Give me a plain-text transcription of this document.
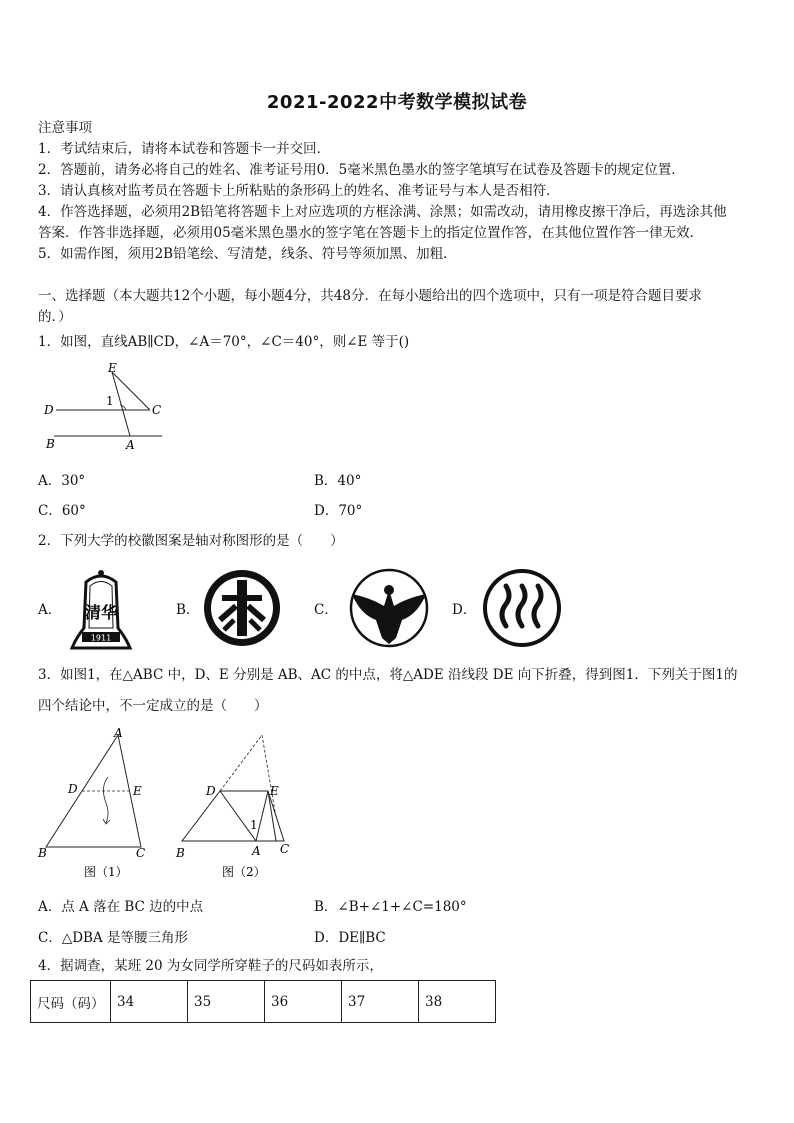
2021-2022中考数学模拟试卷
注意事项
1．考试结束后，请将本试卷和答题卡一并交回．
2．答题前，请务必将自己的姓名、准考证号用0．5毫米黑色墨水的签字笔填写在试卷及答题卡的规定位置．
3．请认真核对监考员在答题卡上所粘贴的条形码上的姓名、准考证号与本人是否相符．
4．作答选择题，必须用2B铅笔将答题卡上对应选项的方框涂满、涂黑；如需改动，请用橡皮擦干净后，再选涂其他
答案．作答非选择题，必须用05毫米黑色墨水的签字笔在答题卡上的指定位置作答，在其他位置作答一律无效．
5．如需作图，须用2B铅笔绘、写清楚，线条、符号等须加黑、加粗．
一、选择题（本大题共12个小题，每小题4分，共48分．在每小题给出的四个选项中，只有一项是符合题目要求
的．）
1．如图，直线AB∥CD，∠A＝70°，∠C＝40°，则∠E 等于()
E
D	C
B	A
1
A．30°	B．40°
C．60°	D．70°
2．下列大学的校徽图案是轴对称图形的是（　　）
A． 清华
1911
B．	C．	D．
3．如图1，在△ABC 中，D、E 分别是 AB、AC 的中点，将△ADE 沿线段 DE 向下折叠，得到图1．下列关于图1的
四个结论中，不一定成立的是（　　）
A
D	E
B	C
图（1）
D	E
1
B	A C
图（2）
A．点 A 落在 BC 边的中点	B．∠B+∠1+∠C=180°
C．△DBA 是等腰三角形	D．DE∥BC
4．据调查，某班 20 为女同学所穿鞋子的尺码如表所示，
尺码（码）	34	35	36	37	38
